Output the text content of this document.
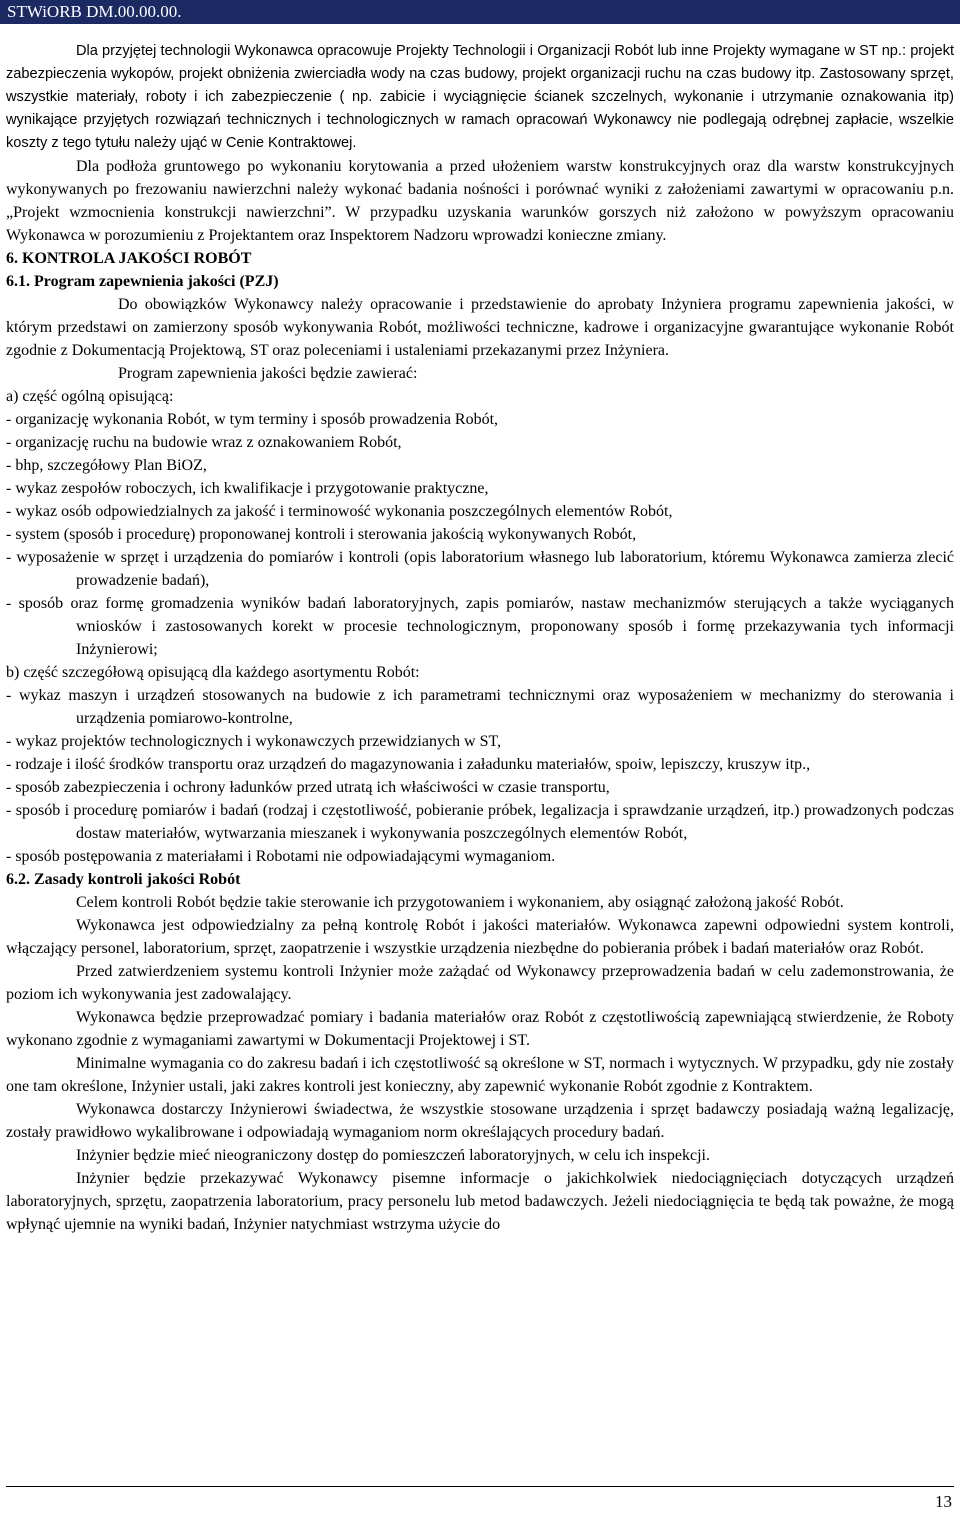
STWiORB DM.00.00.00.

Dla przyjętej technologii Wykonawca opracowuje Projekty Technologii i Organizacji Robót lub inne Projekty wymagane w ST np.: projekt zabezpieczenia wykopów, projekt obniżenia zwierciadła wody na czas budowy, projekt organizacji ruchu na czas budowy itp. Zastosowany sprzęt, wszystkie materiały, roboty i ich zabezpieczenie ( np. zabicie i wyciągnięcie ścianek szczelnych, wykonanie i utrzymanie oznakowania itp) wynikające przyjętych rozwiązań technicznych i technologicznych w ramach opracowań Wykonawcy nie podlegają odrębnej zapłacie, wszelkie koszty z tego tytułu należy ująć w Cenie Kontraktowej.

Dla podłoża gruntowego po wykonaniu korytowania a przed ułożeniem warstw konstrukcyjnych oraz dla warstw konstrukcyjnych wykonywanych po frezowaniu nawierzchni należy wykonać badania nośności i porównać wyniki z założeniami zawartymi w opracowaniu p.n. „Projekt wzmocnienia konstrukcji nawierzchni”. W przypadku uzyskania warunków gorszych niż założono w powyższym opracowaniu Wykonawca w porozumieniu z Projektantem oraz Inspektorem Nadzoru wprowadzi konieczne zmiany.

6. KONTROLA JAKOŚCI ROBÓT

6.1. Program zapewnienia jakości (PZJ)

Do obowiązków Wykonawcy należy opracowanie i przedstawienie do aprobaty Inżyniera programu zapewnienia jakości, w którym przedstawi on zamierzony sposób wykonywania Robót, możliwości techniczne, kadrowe i organizacyjne gwarantujące wykonanie Robót zgodnie z Dokumentacją Projektową, ST oraz poleceniami i ustaleniami przekazanymi przez Inżyniera.

Program zapewnienia jakości będzie zawierać:

a) część ogólną opisującą:

- organizację wykonania Robót, w tym terminy i sposób prowadzenia Robót,

- organizację ruchu na budowie wraz z oznakowaniem Robót,

- bhp, szczegółowy Plan BiOZ,

- wykaz zespołów roboczych, ich kwalifikacje i przygotowanie praktyczne,

- wykaz osób odpowiedzialnych za jakość i terminowość wykonania poszczególnych elementów Robót,

- system (sposób i procedurę) proponowanej kontroli i sterowania jakością wykonywanych Robót,

- wyposażenie w sprzęt i urządzenia do pomiarów i kontroli (opis laboratorium własnego lub laboratorium, któremu Wykonawca zamierza zlecić prowadzenie badań),

- sposób oraz formę gromadzenia wyników badań laboratoryjnych, zapis pomiarów, nastaw mechanizmów sterujących a także wyciąganych wniosków i zastosowanych korekt w procesie technologicznym, proponowany sposób i formę przekazywania tych informacji Inżynierowi;

b) część szczegółową opisującą dla każdego asortymentu Robót:

- wykaz maszyn i urządzeń stosowanych na budowie z ich parametrami technicznymi oraz wyposażeniem w mechanizmy do sterowania i urządzenia pomiarowo-kontrolne,

- wykaz projektów technologicznych i wykonawczych przewidzianych w ST,

- rodzaje i ilość środków transportu oraz urządzeń do magazynowania i załadunku materiałów, spoiw, lepiszczy, kruszyw itp.,

- sposób zabezpieczenia i ochrony ładunków przed utratą ich właściwości w czasie transportu,

- sposób i procedurę pomiarów i badań (rodzaj i częstotliwość, pobieranie próbek, legalizacja i sprawdzanie urządzeń, itp.) prowadzonych podczas dostaw materiałów, wytwarzania mieszanek i wykonywania poszczególnych elementów Robót,

- sposób postępowania z materiałami i Robotami nie odpowiadającymi wymaganiom.

6.2. Zasady kontroli jakości Robót

Celem kontroli Robót będzie takie sterowanie ich przygotowaniem i wykonaniem, aby osiągnąć założoną jakość Robót.

Wykonawca jest odpowiedzialny za pełną kontrolę Robót i jakości materiałów. Wykonawca zapewni odpowiedni system kontroli, włączający personel, laboratorium, sprzęt, zaopatrzenie i wszystkie urządzenia niezbędne do pobierania próbek i badań materiałów oraz Robót.

Przed zatwierdzeniem systemu kontroli Inżynier może zażądać od Wykonawcy przeprowadzenia badań w celu zademonstrowania, że poziom ich wykonywania jest zadowalający.

Wykonawca będzie przeprowadzać pomiary i badania materiałów oraz Robót z częstotliwością zapewniającą stwierdzenie, że Roboty wykonano zgodnie z wymaganiami zawartymi w Dokumentacji Projektowej i ST.

Minimalne wymagania co do zakresu badań i ich częstotliwość są określone w ST, normach i wytycznych. W przypadku, gdy nie zostały one tam określone, Inżynier ustali, jaki zakres kontroli jest konieczny, aby zapewnić wykonanie Robót zgodnie z Kontraktem.

Wykonawca dostarczy Inżynierowi świadectwa, że wszystkie stosowane urządzenia i sprzęt badawczy posiadają ważną legalizację, zostały prawidłowo wykalibrowane i odpowiadają wymaganiom norm określających procedury badań.

Inżynier będzie mieć nieograniczony dostęp do pomieszczeń laboratoryjnych, w celu ich inspekcji.

Inżynier będzie przekazywać Wykonawcy pisemne informacje o jakichkolwiek niedociągnięciach dotyczących urządzeń laboratoryjnych, sprzętu, zaopatrzenia laboratorium, pracy personelu lub metod badawczych. Jeżeli niedociągnięcia te będą tak poważne, że mogą wpłynąć ujemnie na wyniki badań, Inżynier natychmiast wstrzyma użycie do

13
